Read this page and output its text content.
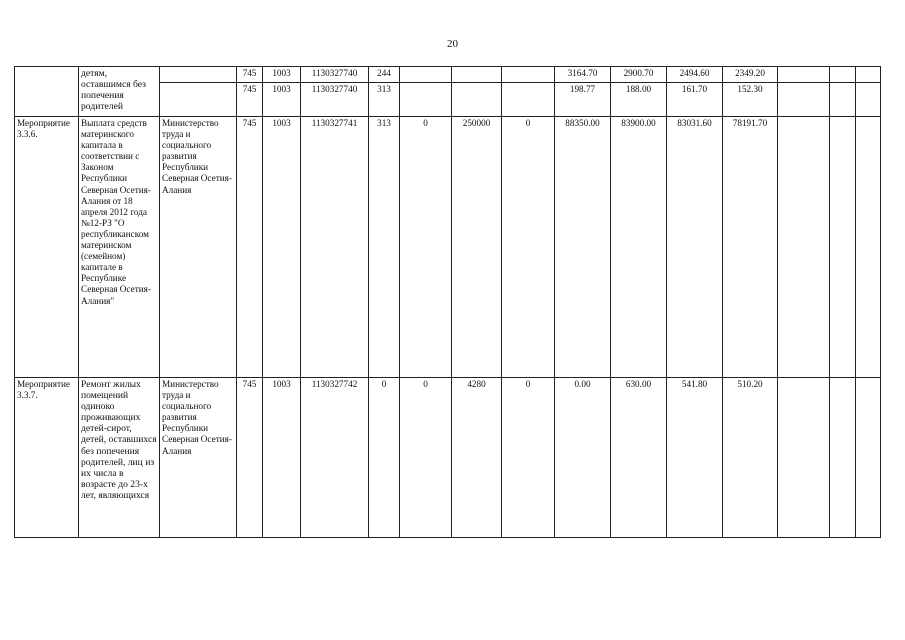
20
	детям, оставшимся без попечения родителей		745	1003	1130327740	244				3164.70	2900.70	2494.60	2349.20			
			745	1003	1130327740	313				198.77	188.00	161.70	152.30			
Мероприятие 3.3.6.	Выплата средств материнского капитала в соответствии с Законом Республики Северная Осетия-Алания от 18 апреля 2012 года №12-РЗ "О республиканском материнском (семейном) капитале в Республике Северная Осетия-Алания"	Министерство труда и социального развития Республики Северная Осетия-Алания	745	1003	1130327741	313	0	250000	0	88350.00	83900.00	83031.60	78191.70			
Мероприятие 3.3.7.	Ремонт жилых помещений одиноко проживающих детей-сирот, детей, оставшихся без попечения родителей, лиц из их числа в возрасте до 23-х лет, являющихся	Министерство труда и социального развития Республики Северная Осетия-Алания	745	1003	1130327742	0	0	4280	0	0.00	630.00	541.80	510.20			
